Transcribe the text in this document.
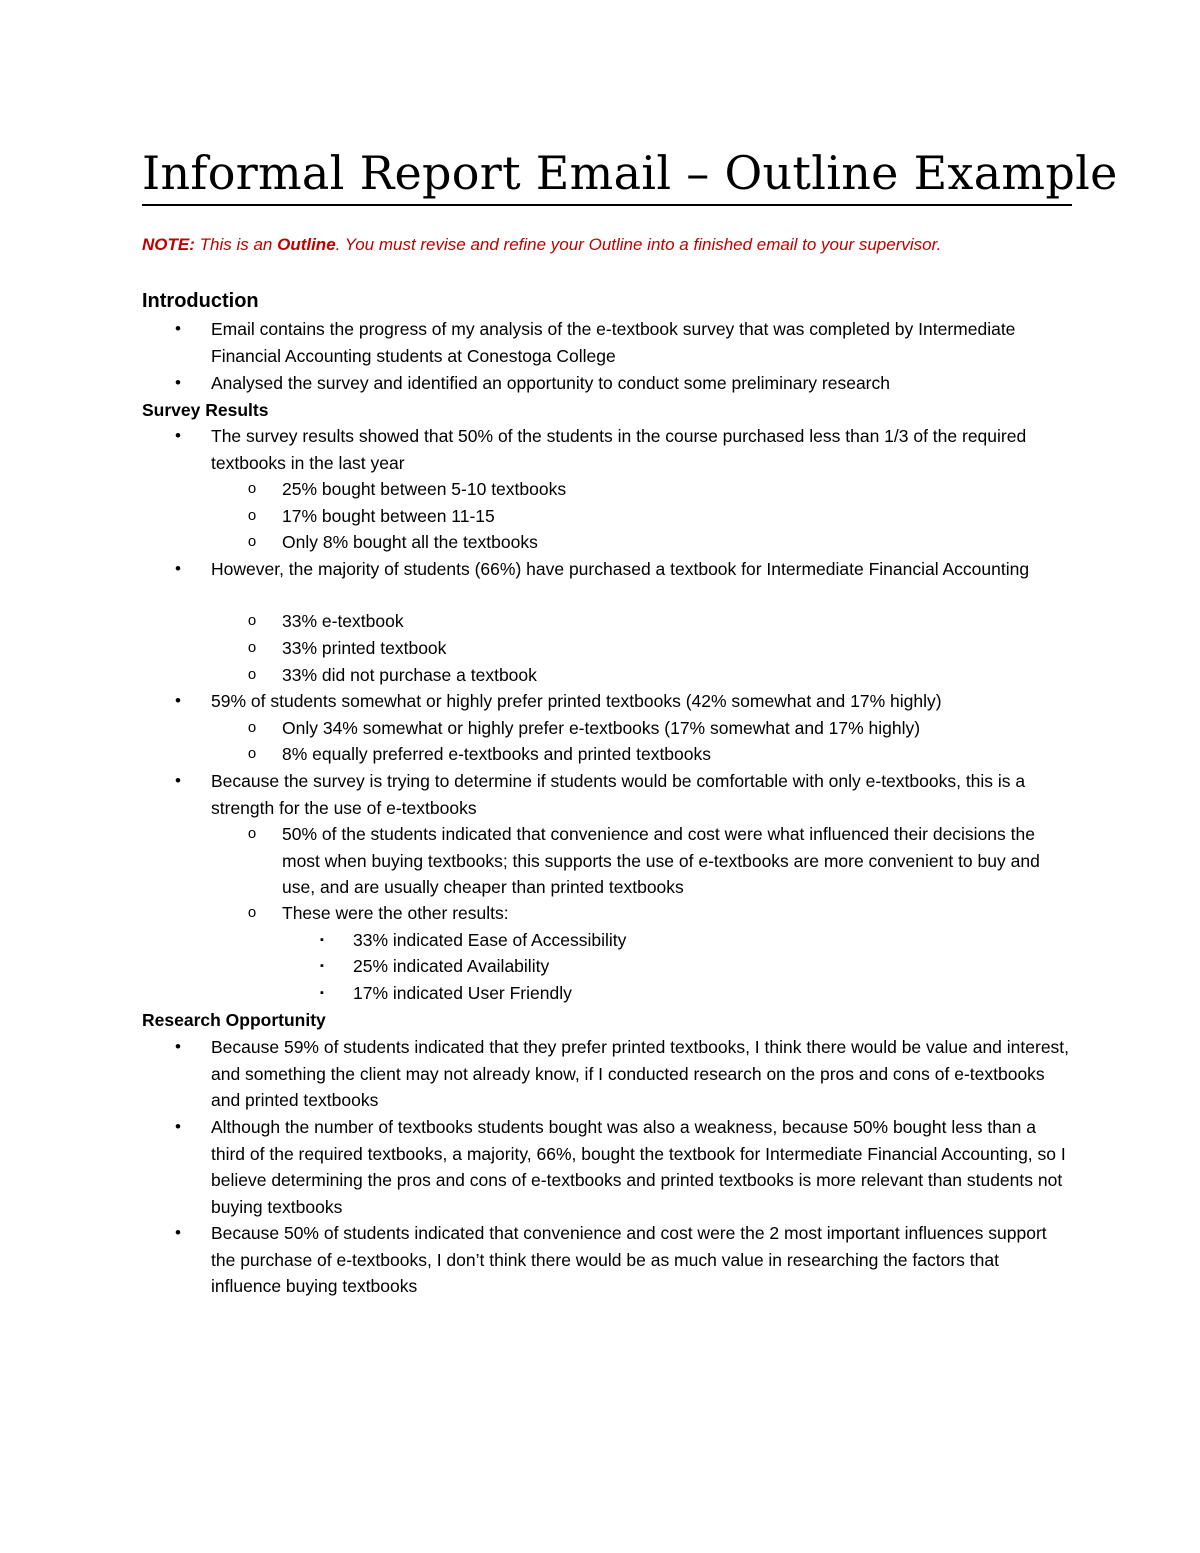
Informal Report Email – Outline Example
NOTE: This is an Outline. You must revise and refine your Outline into a finished email to your supervisor.
Introduction
•	Email contains the progress of my analysis of the e-textbook survey that was completed by Intermediate Financial Accounting students at Conestoga College
•	Analysed the survey and identified an opportunity to conduct some preliminary research
Survey Results
•	The survey results showed that 50% of the students in the course purchased less than 1/3 of the required textbooks in the last year
o	25% bought between 5-10 textbooks
o	17% bought between 11-15
o	Only 8% bought all the textbooks
•	However, the majority of students (66%) have purchased a textbook for Intermediate Financial Accounting
o	33% e-textbook
o	33% printed textbook
o	33% did not purchase a textbook
•	59% of students somewhat or highly prefer printed textbooks (42% somewhat and 17% highly)
o	Only 34% somewhat or highly prefer e-textbooks (17% somewhat and 17% highly)
o	8% equally preferred e-textbooks and printed textbooks
•	Because the survey is trying to determine if students would be comfortable with only e-textbooks, this is a strength for the use of e-textbooks
o	50% of the students indicated that convenience and cost were what influenced their decisions the most when buying textbooks; this supports the use of e-textbooks are more convenient to buy and use, and are usually cheaper than printed textbooks
o	These were the other results:
▪	33% indicated Ease of Accessibility
▪	25% indicated Availability
▪	17% indicated User Friendly
Research Opportunity
•	Because 59% of students indicated that they prefer printed textbooks, I think there would be value and interest, and something the client may not already know, if I conducted research on the pros and cons of e-textbooks and printed textbooks
•	Although the number of textbooks students bought was also a weakness, because 50% bought less than a third of the required textbooks, a majority, 66%, bought the textbook for Intermediate Financial Accounting, so I believe determining the pros and cons of e-textbooks and printed textbooks is more relevant than students not buying textbooks
•	Because 50% of students indicated that convenience and cost were the 2 most important influences support the purchase of e-textbooks, I don’t think there would be as much value in researching the factors that influence buying textbooks
